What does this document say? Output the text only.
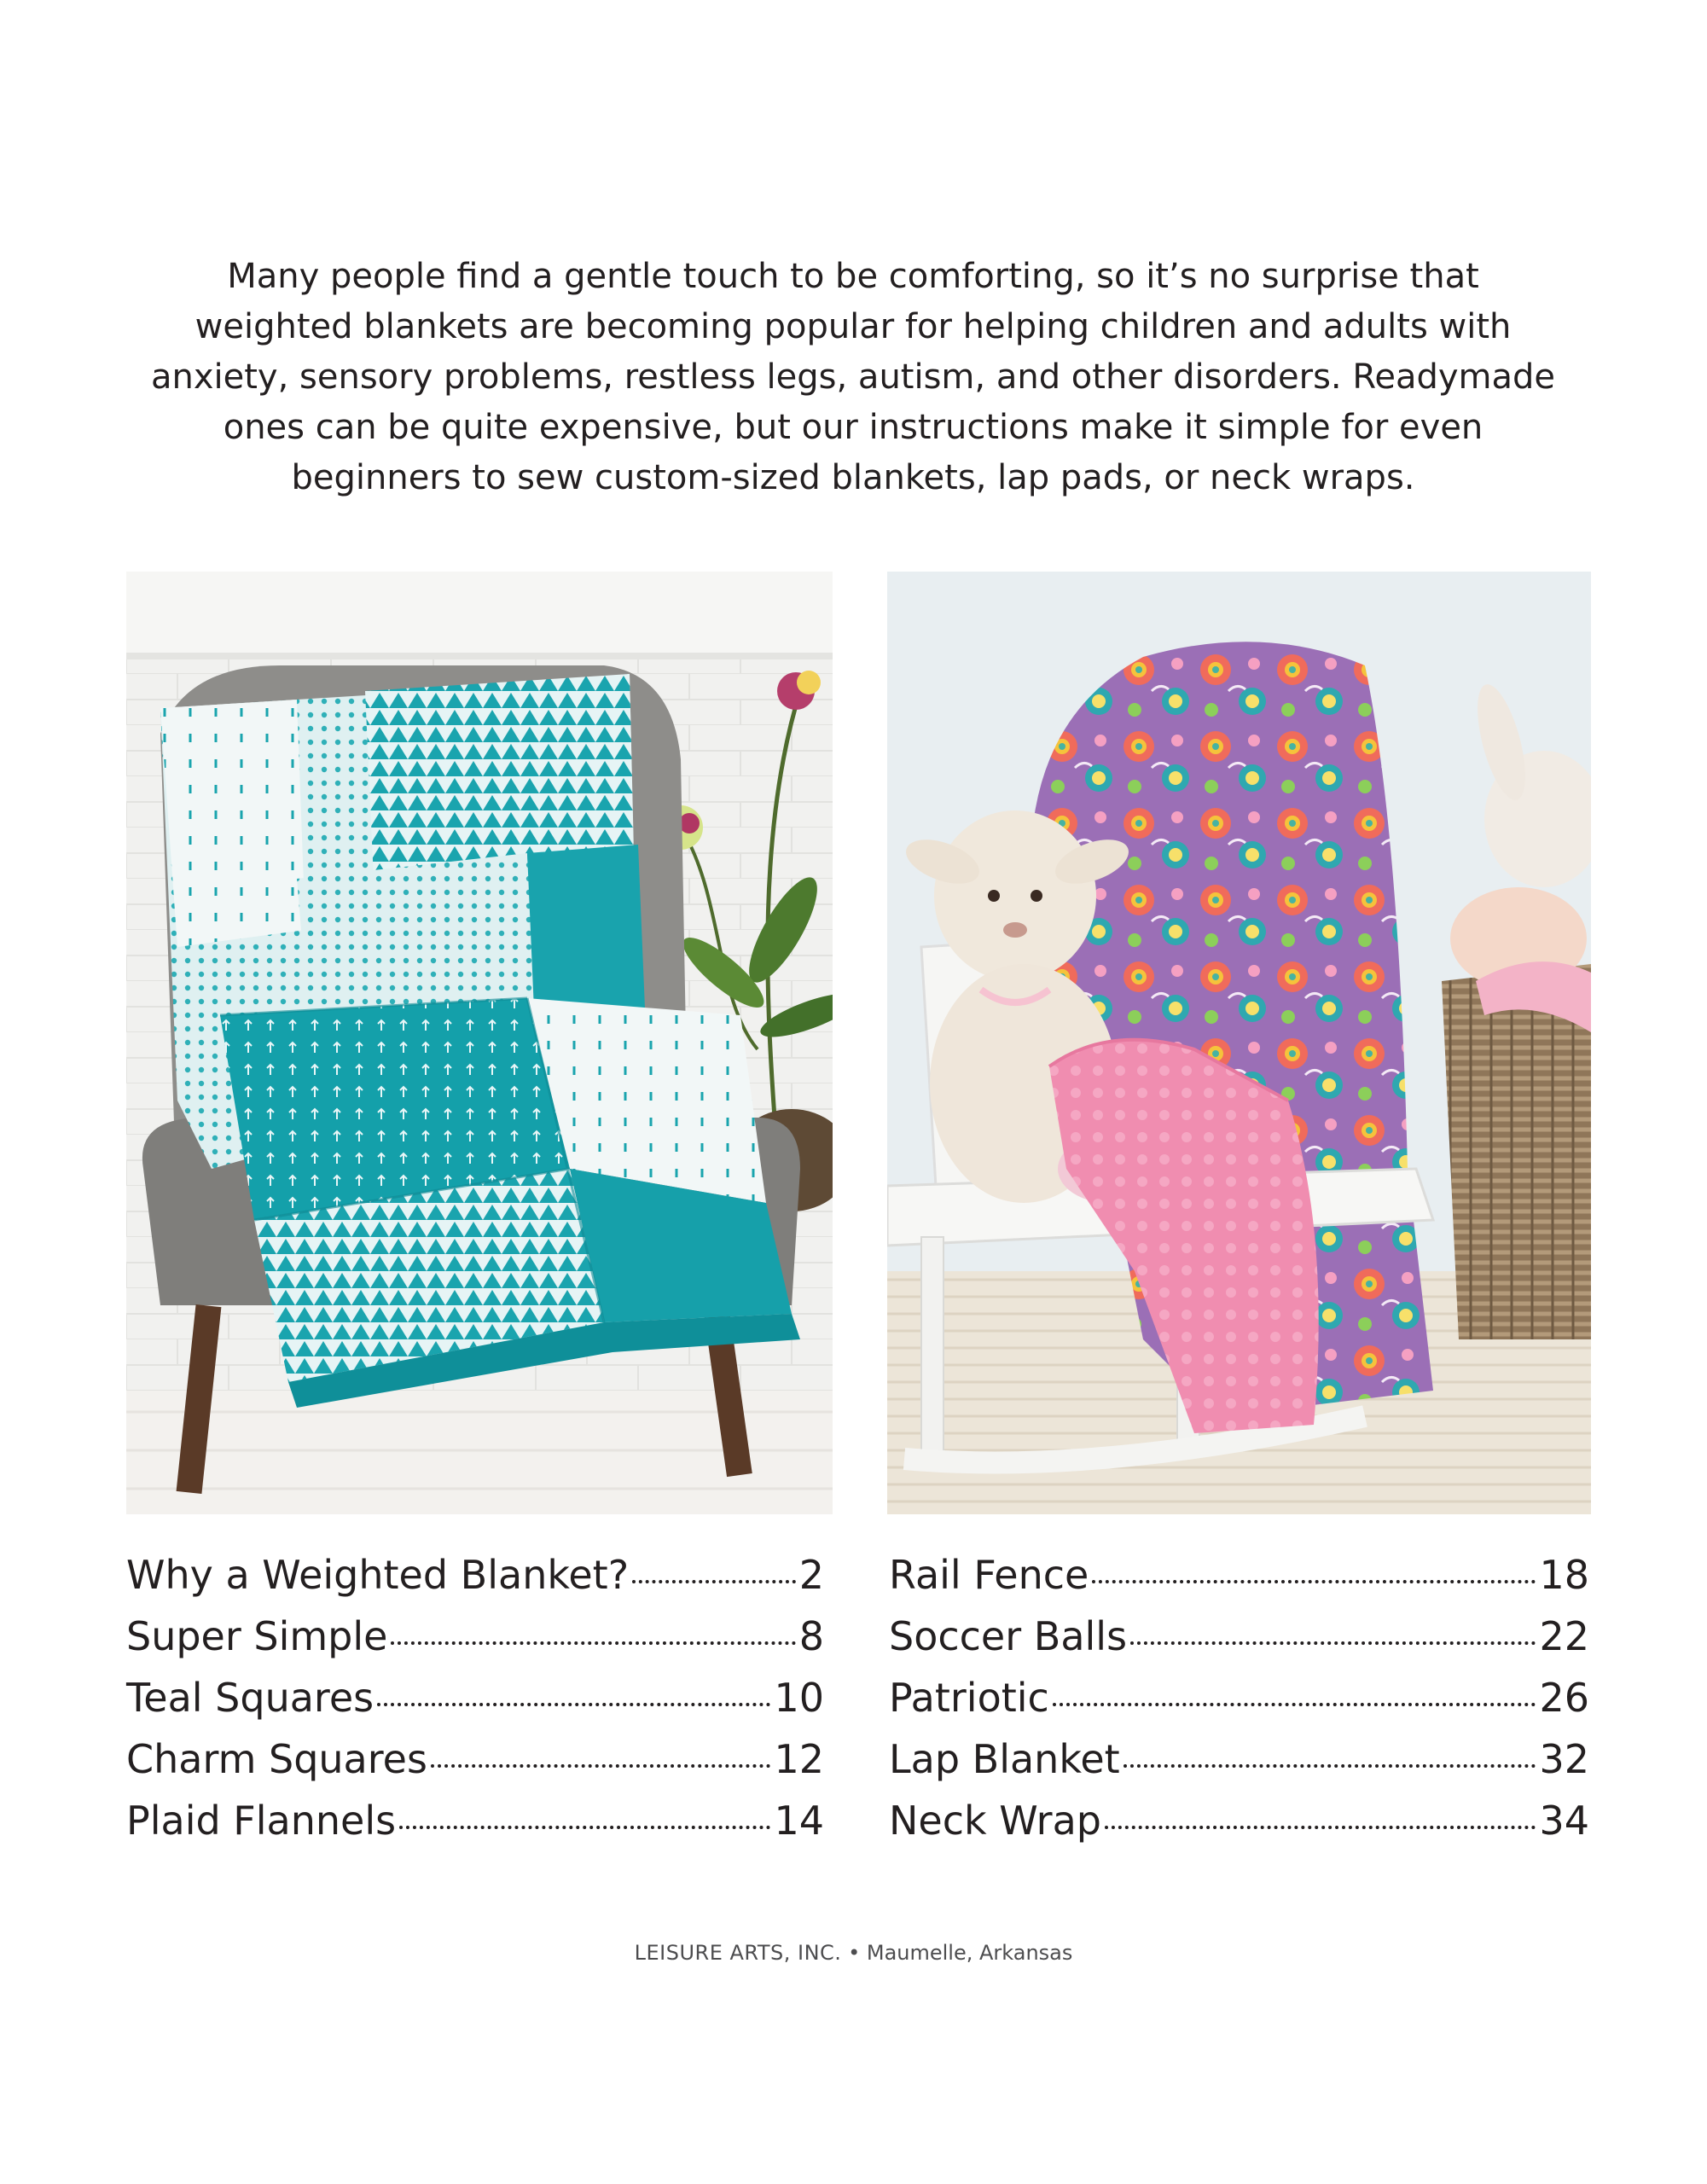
Many people find a gentle touch to be comforting, so it’s no surprise that
weighted blankets are becoming popular for helping children and adults with
anxiety, sensory problems, restless legs, autism, and other disorders. Readymade
ones can be quite expensive, but our instructions make it simple for even
beginners to sew custom-sized blankets, lap pads, or neck wraps.

Why a Weighted Blanket?	2
Super Simple	8
Teal Squares	10
Charm Squares	12
Plaid Flannels	14
Rail Fence	18
Soccer Balls	22
Patriotic	26
Lap Blanket	32
Neck Wrap	34
LEISURE ARTS, INC. • Maumelle, Arkansas
